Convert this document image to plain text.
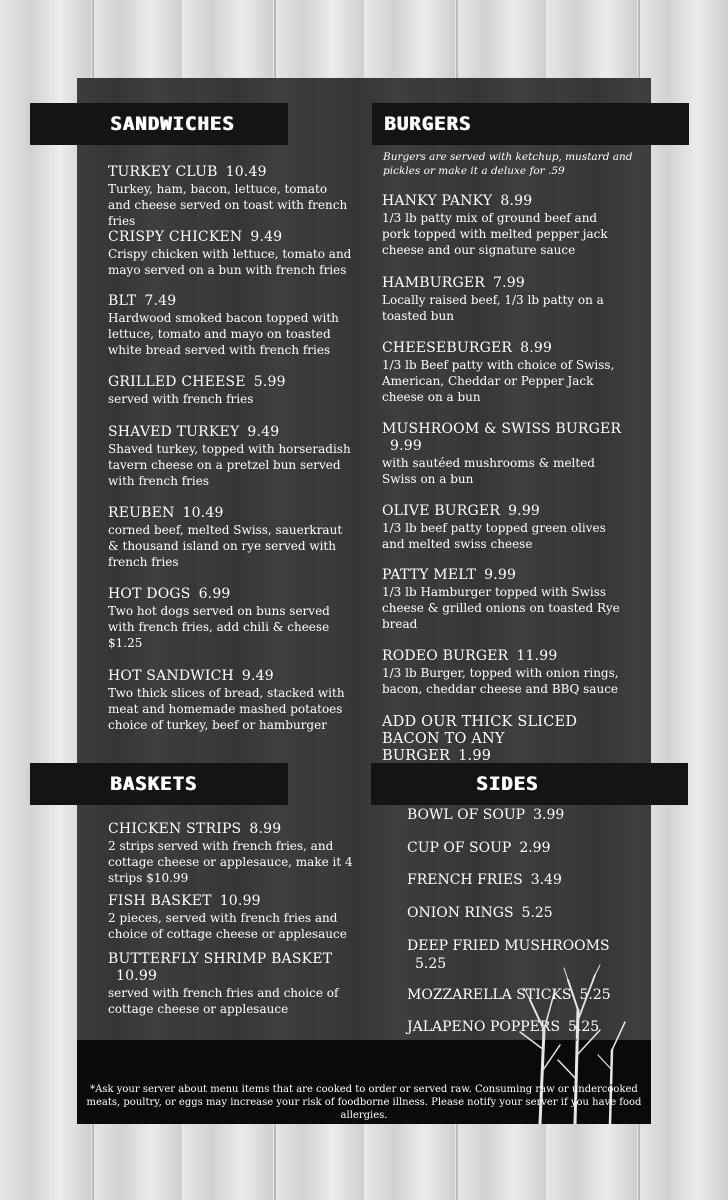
SANDWICHES	BURGERS
BASKETS	SIDES
Burgers are served with ketchup, mustard and pickles or make it a deluxe for .59
TURKEY CLUB 10.49
Turkey, ham, bacon, lettuce, tomato and cheese served on toast with french fries
CRISPY CHICKEN 9.49
Crispy chicken with lettuce, tomato and mayo served on a bun with french fries
BLT 7.49
Hardwood smoked bacon topped with lettuce, tomato and mayo on toasted white bread served with french fries
GRILLED CHEESE 5.99
served with french fries
SHAVED TURKEY 9.49
Shaved turkey, topped with horseradish tavern cheese on a pretzel bun served with french fries
REUBEN 10.49
corned beef, melted Swiss, sauerkraut & thousand island on rye served with french fries
HOT DOGS 6.99
Two hot dogs served on buns served with french fries, add chili & cheese $1.25
HOT SANDWICH 9.49
Two thick slices of bread, stacked with meat and homemade mashed potatoes choice of turkey, beef or hamburger
HANKY PANKY 8.99
1/3 lb patty mix of ground beef and pork topped with melted pepper jack cheese and our signature sauce
HAMBURGER 7.99
Locally raised beef, 1/3 lb patty on a toasted bun
CHEESEBURGER 8.99
1/3 lb Beef patty with choice of Swiss, American, Cheddar or Pepper Jack cheese on a bun
MUSHROOM & SWISS BURGER
9.99
with sautéed mushrooms & melted Swiss on a bun
OLIVE BURGER 9.99
1/3 lb beef patty topped green olives and melted swiss cheese
PATTY MELT 9.99
1/3 lb Hamburger topped with Swiss cheese & grilled onions on toasted Rye bread
RODEO BURGER 11.99
1/3 lb Burger, topped with onion rings, bacon, cheddar cheese and BBQ sauce
ADD OUR THICK SLICED BACON TO ANY BURGER 1.99
CHICKEN STRIPS 8.99
2 strips served with french fries, and cottage cheese or applesauce, make it 4 strips $10.99
FISH BASKET 10.99
2 pieces, served with french fries and choice of cottage cheese or applesauce
BUTTERFLY SHRIMP BASKET
10.99
served with french fries and choice of cottage cheese or applesauce
BOWL OF SOUP 3.99
CUP OF SOUP 2.99
FRENCH FRIES 3.49
ONION RINGS 5.25
DEEP FRIED MUSHROOMS
5.25
MOZZARELLA STICKS 5.25
JALAPENO POPPERS 5.25
*Ask your server about menu items that are cooked to order or served raw. Consuming raw or undercooked meats, poultry, or eggs may increase your risk of foodborne illness. Please notify your server if you have food allergies.
